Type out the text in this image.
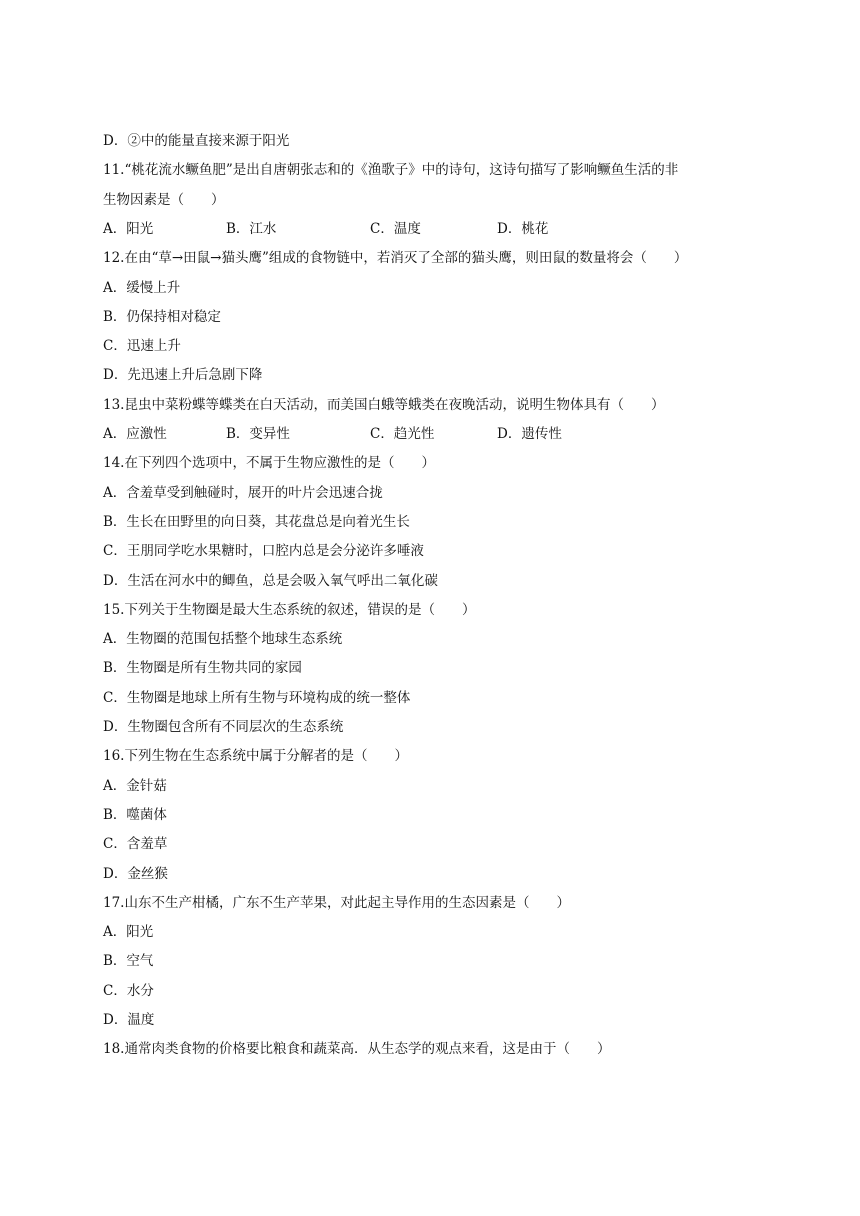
D．②中的能量直接来源于阳光
11.“桃花流水鳜鱼肥”是出自唐朝张志和的《渔歌子》中的诗句，这诗句描写了影响鳜鱼生活的非
生物因素是（　　）
A．阳光	B．江水	C．温度	D．桃花
12.在由“草→田鼠→猫头鹰”组成的食物链中，若消灭了全部的猫头鹰，则田鼠的数量将会（　　）
A．缓慢上升
B．仍保持相对稳定
C．迅速上升
D．先迅速上升后急剧下降
13.昆虫中菜粉蝶等蝶类在白天活动，而美国白蛾等蛾类在夜晚活动，说明生物体具有（　　）
A．应激性	B．变异性	C．趋光性	D．遗传性
14.在下列四个选项中，不属于生物应激性的是（　　）
A．含羞草受到触碰时，展开的叶片会迅速合拢
B．生长在田野里的向日葵，其花盘总是向着光生长
C．王朋同学吃水果糖时，口腔内总是会分泌许多唾液
D．生活在河水中的鲫鱼，总是会吸入氧气呼出二氧化碳
15.下列关于生物圈是最大生态系统的叙述，错误的是（　　）
A．生物圈的范围包括整个地球生态系统
B．生物圈是所有生物共同的家园
C．生物圈是地球上所有生物与环境构成的统一整体
D．生物圈包含所有不同层次的生态系统
16.下列生物在生态系统中属于分解者的是（　　）
A．金针菇
B．噬菌体
C．含羞草
D．金丝猴
17.山东不生产柑橘，广东不生产苹果，对此起主导作用的生态因素是（　　）
A．阳光
B．空气
C．水分
D．温度
18.通常肉类食物的价格要比粮食和蔬菜高．从生态学的观点来看，这是由于（　　）
